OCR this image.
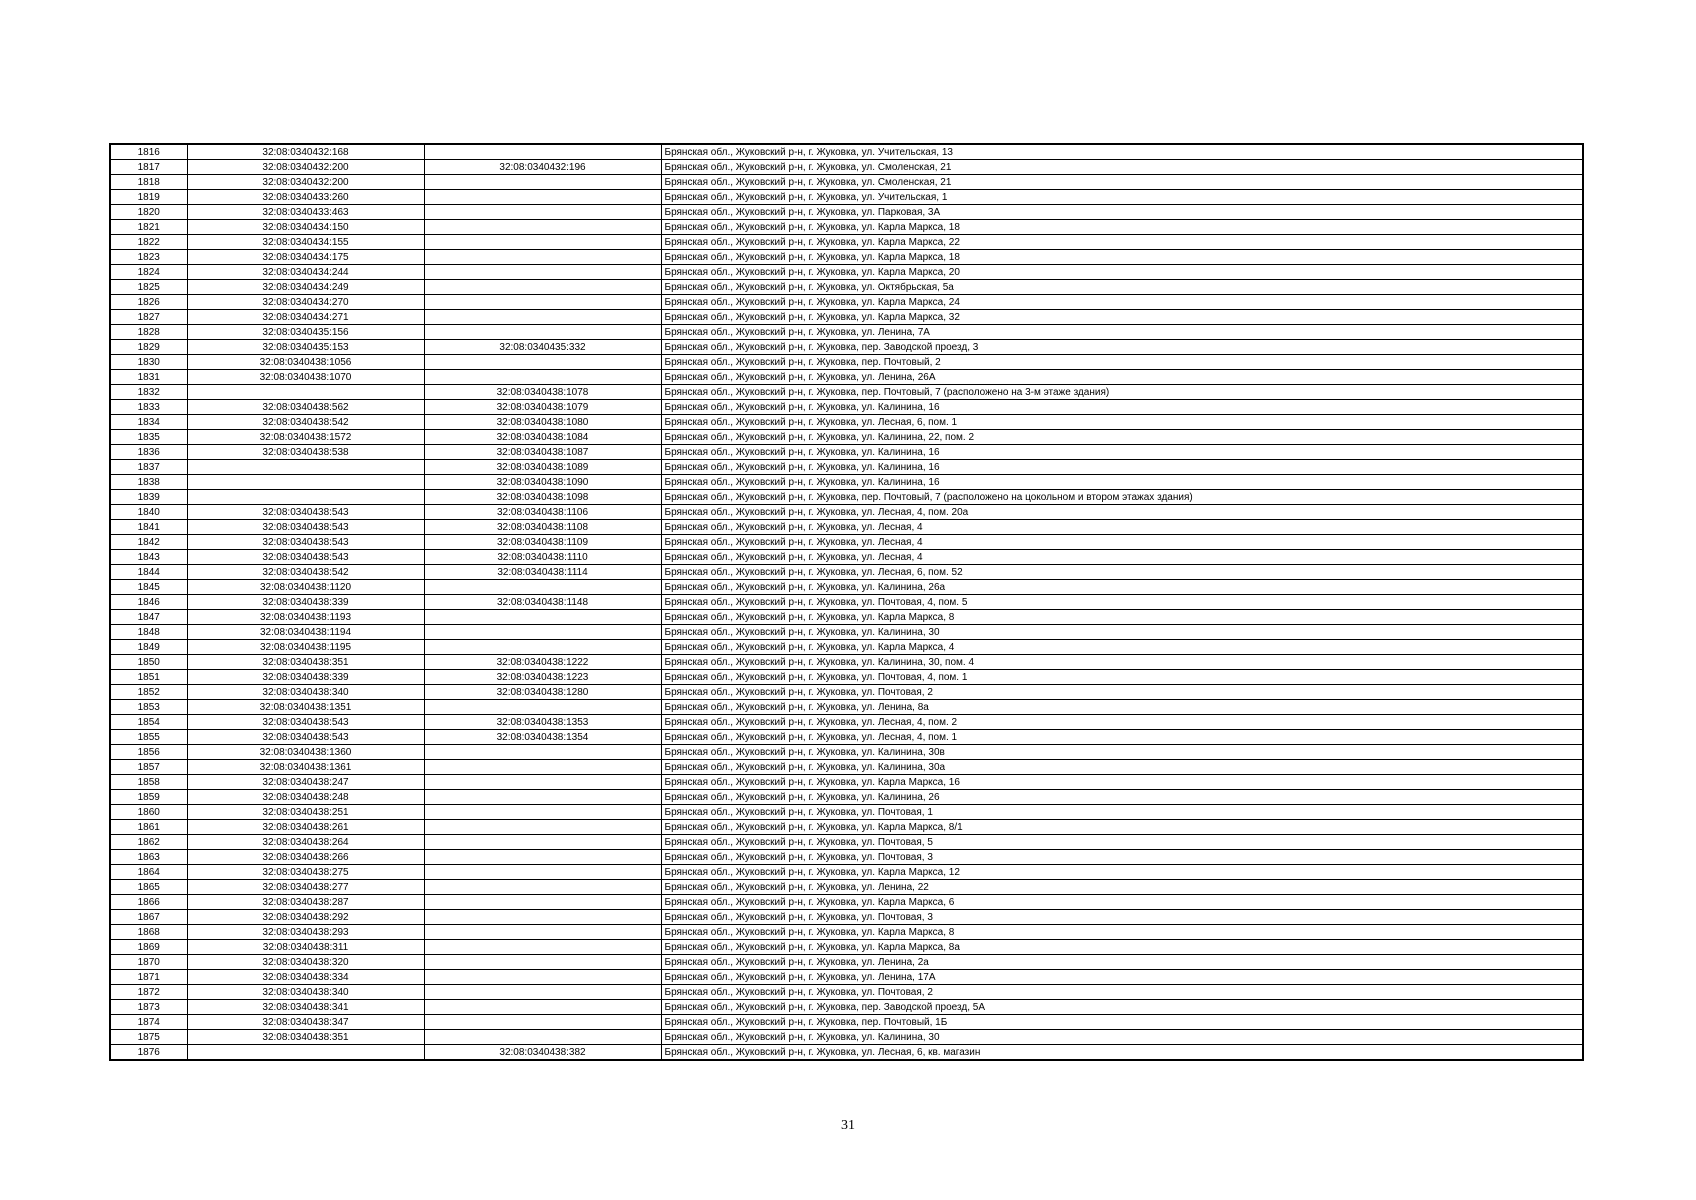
1816	32:08:0340432:168		Брянская обл., Жуковский р-н, г. Жуковка, ул. Учительская, 13
1817	32:08:0340432:200	32:08:0340432:196	Брянская обл., Жуковский р-н, г. Жуковка, ул. Смоленская, 21
1818	32:08:0340432:200		Брянская обл., Жуковский р-н, г. Жуковка, ул. Смоленская, 21
1819	32:08:0340433:260		Брянская обл., Жуковский р-н, г. Жуковка, ул. Учительская, 1
1820	32:08:0340433:463		Брянская обл., Жуковский р-н, г. Жуковка, ул. Парковая, 3А
1821	32:08:0340434:150		Брянская обл., Жуковский р-н, г. Жуковка, ул. Карла Маркса, 18
1822	32:08:0340434:155		Брянская обл., Жуковский р-н, г. Жуковка, ул. Карла Маркса, 22
1823	32:08:0340434:175		Брянская обл., Жуковский р-н, г. Жуковка, ул. Карла Маркса, 18
1824	32:08:0340434:244		Брянская обл., Жуковский р-н, г. Жуковка, ул. Карла Маркса, 20
1825	32:08:0340434:249		Брянская обл., Жуковский р-н, г. Жуковка, ул. Октябрьская, 5а
1826	32:08:0340434:270		Брянская обл., Жуковский р-н, г. Жуковка, ул. Карла Маркса, 24
1827	32:08:0340434:271		Брянская обл., Жуковский р-н, г. Жуковка, ул. Карла Маркса, 32
1828	32:08:0340435:156		Брянская обл., Жуковский р-н, г. Жуковка, ул. Ленина, 7А
1829	32:08:0340435:153	32:08:0340435:332	Брянская обл., Жуковский р-н, г. Жуковка, пер. Заводской проезд, 3
1830	32:08:0340438:1056		Брянская обл., Жуковский р-н, г. Жуковка, пер. Почтовый, 2
1831	32:08:0340438:1070		Брянская обл., Жуковский р-н, г. Жуковка, ул. Ленина, 26А
1832		32:08:0340438:1078	Брянская обл., Жуковский р-н, г. Жуковка, пер. Почтовый, 7 (расположено на 3-м этаже здания)
1833	32:08:0340438:562	32:08:0340438:1079	Брянская обл., Жуковский р-н, г. Жуковка, ул. Калинина, 16
1834	32:08:0340438:542	32:08:0340438:1080	Брянская обл., Жуковский р-н, г. Жуковка, ул. Лесная, 6, пом. 1
1835	32:08:0340438:1572	32:08:0340438:1084	Брянская обл., Жуковский р-н, г. Жуковка, ул. Калинина, 22, пом. 2
1836	32:08:0340438:538	32:08:0340438:1087	Брянская обл., Жуковский р-н, г. Жуковка, ул. Калинина, 16
1837		32:08:0340438:1089	Брянская обл., Жуковский р-н, г. Жуковка, ул. Калинина, 16
1838		32:08:0340438:1090	Брянская обл., Жуковский р-н, г. Жуковка, ул. Калинина, 16
1839		32:08:0340438:1098	Брянская обл., Жуковский р-н, г. Жуковка, пер. Почтовый, 7 (расположено на цокольном и втором этажах здания)
1840	32:08:0340438:543	32:08:0340438:1106	Брянская обл., Жуковский р-н, г. Жуковка, ул. Лесная, 4, пом. 20а
1841	32:08:0340438:543	32:08:0340438:1108	Брянская обл., Жуковский р-н, г. Жуковка, ул. Лесная, 4
1842	32:08:0340438:543	32:08:0340438:1109	Брянская обл., Жуковский р-н, г. Жуковка, ул. Лесная, 4
1843	32:08:0340438:543	32:08:0340438:1110	Брянская обл., Жуковский р-н, г. Жуковка, ул. Лесная, 4
1844	32:08:0340438:542	32:08:0340438:1114	Брянская обл., Жуковский р-н, г. Жуковка, ул. Лесная, 6, пом. 52
1845	32:08:0340438:1120		Брянская обл., Жуковский р-н, г. Жуковка, ул. Калинина, 26а
1846	32:08:0340438:339	32:08:0340438:1148	Брянская обл., Жуковский р-н, г. Жуковка, ул. Почтовая, 4, пом. 5
1847	32:08:0340438:1193		Брянская обл., Жуковский р-н, г. Жуковка, ул. Карла Маркса, 8
1848	32:08:0340438:1194		Брянская обл., Жуковский р-н, г. Жуковка, ул. Калинина, 30
1849	32:08:0340438:1195		Брянская обл., Жуковский р-н, г. Жуковка, ул. Карла Маркса, 4
1850	32:08:0340438:351	32:08:0340438:1222	Брянская обл., Жуковский р-н, г. Жуковка, ул. Калинина, 30, пом. 4
1851	32:08:0340438:339	32:08:0340438:1223	Брянская обл., Жуковский р-н, г. Жуковка, ул. Почтовая, 4, пом. 1
1852	32:08:0340438:340	32:08:0340438:1280	Брянская обл., Жуковский р-н, г. Жуковка, ул. Почтовая, 2
1853	32:08:0340438:1351		Брянская обл., Жуковский р-н, г. Жуковка, ул. Ленина, 8а
1854	32:08:0340438:543	32:08:0340438:1353	Брянская обл., Жуковский р-н, г. Жуковка, ул. Лесная, 4, пом. 2
1855	32:08:0340438:543	32:08:0340438:1354	Брянская обл., Жуковский р-н, г. Жуковка, ул. Лесная, 4, пом. 1
1856	32:08:0340438:1360		Брянская обл., Жуковский р-н, г. Жуковка, ул. Калинина, 30в
1857	32:08:0340438:1361		Брянская обл., Жуковский р-н, г. Жуковка, ул. Калинина, 30а
1858	32:08:0340438:247		Брянская обл., Жуковский р-н, г. Жуковка, ул. Карла Маркса, 16
1859	32:08:0340438:248		Брянская обл., Жуковский р-н, г. Жуковка, ул. Калинина, 26
1860	32:08:0340438:251		Брянская обл., Жуковский р-н, г. Жуковка, ул. Почтовая, 1
1861	32:08:0340438:261		Брянская обл., Жуковский р-н, г. Жуковка, ул. Карла Маркса, 8/1
1862	32:08:0340438:264		Брянская обл., Жуковский р-н, г. Жуковка, ул. Почтовая, 5
1863	32:08:0340438:266		Брянская обл., Жуковский р-н, г. Жуковка, ул. Почтовая, 3
1864	32:08:0340438:275		Брянская обл., Жуковский р-н, г. Жуковка, ул. Карла Маркса, 12
1865	32:08:0340438:277		Брянская обл., Жуковский р-н, г. Жуковка, ул. Ленина, 22
1866	32:08:0340438:287		Брянская обл., Жуковский р-н, г. Жуковка, ул. Карла Маркса, 6
1867	32:08:0340438:292		Брянская обл., Жуковский р-н, г. Жуковка, ул. Почтовая, 3
1868	32:08:0340438:293		Брянская обл., Жуковский р-н, г. Жуковка, ул. Карла Маркса, 8
1869	32:08:0340438:311		Брянская обл., Жуковский р-н, г. Жуковка, ул. Карла Маркса, 8а
1870	32:08:0340438:320		Брянская обл., Жуковский р-н, г. Жуковка, ул. Ленина, 2а
1871	32:08:0340438:334		Брянская обл., Жуковский р-н, г. Жуковка, ул. Ленина, 17А
1872	32:08:0340438:340		Брянская обл., Жуковский р-н, г. Жуковка, ул. Почтовая, 2
1873	32:08:0340438:341		Брянская обл., Жуковский р-н, г. Жуковка, пер. Заводской проезд, 5А
1874	32:08:0340438:347		Брянская обл., Жуковский р-н, г. Жуковка, пер. Почтовый, 1Б
1875	32:08:0340438:351		Брянская обл., Жуковский р-н, г. Жуковка, ул. Калинина, 30
1876		32:08:0340438:382	Брянская обл., Жуковский р-н, г. Жуковка, ул. Лесная, 6, кв. магазин
31
